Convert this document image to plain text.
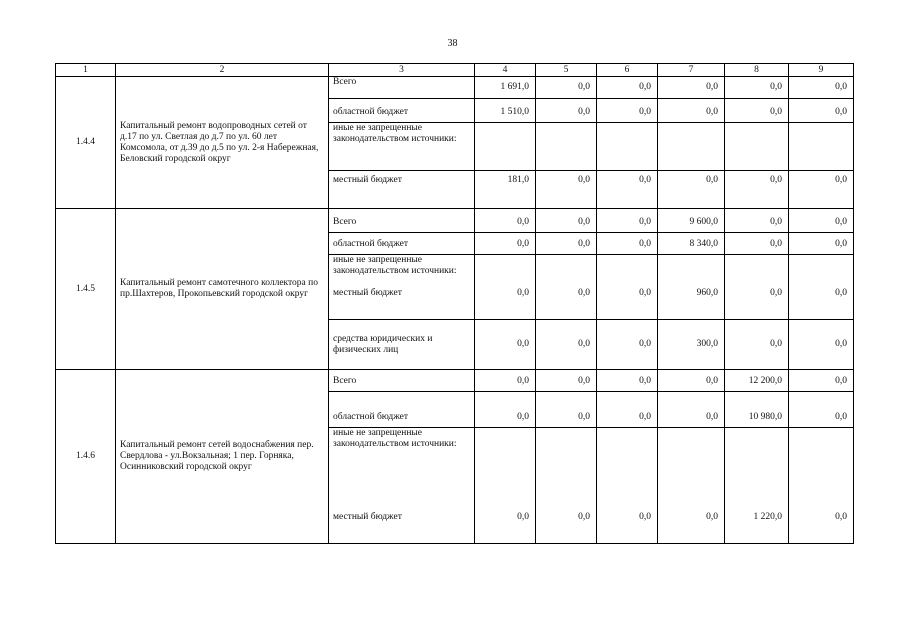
38
1	2	3	4	5	6	7	8	9
1.4.4	Капитальный ремонт водопроводных сетей от д.17 по ул. Светлая до д.7 по ул. 60 лет Комсомола, от д.39 до д.5 по ул. 2-я Набережная, Беловский городской округ	Всего	1 691,0	0,0	0,0	0,0	0,0	0,0
		областной бюджет	1 510,0	0,0	0,0	0,0	0,0	0,0
		иные не запрещенные законодательством источники:						
		местный бюджет	181,0	0,0	0,0	0,0	0,0	0,0
1.4.5	Капитальный ремонт самотечного коллектора по пр.Шахтеров, Прокопьевский городской округ	Всего	0,0	0,0	0,0	9 600,0	0,0	0,0
		областной бюджет	0,0	0,0	0,0	8 340,0	0,0	0,0
		иные не запрещенные законодательством источники:						
		местный бюджет	0,0	0,0	0,0	960,0	0,0	0,0
		средства юридических и физических лиц	0,0	0,0	0,0	300,0	0,0	0,0
1.4.6	Капитальный ремонт сетей водоснабжения пер. Свердлова - ул.Вокзальная; 1 пер. Горняка, Осинниковский городской округ	Всего	0,0	0,0	0,0	0,0	12 200,0	0,0
		областной бюджет	0,0	0,0	0,0	0,0	10 980,0	0,0
		иные не запрещенные законодательством источники:						
		местный бюджет	0,0	0,0	0,0	0,0	1 220,0	0,0
